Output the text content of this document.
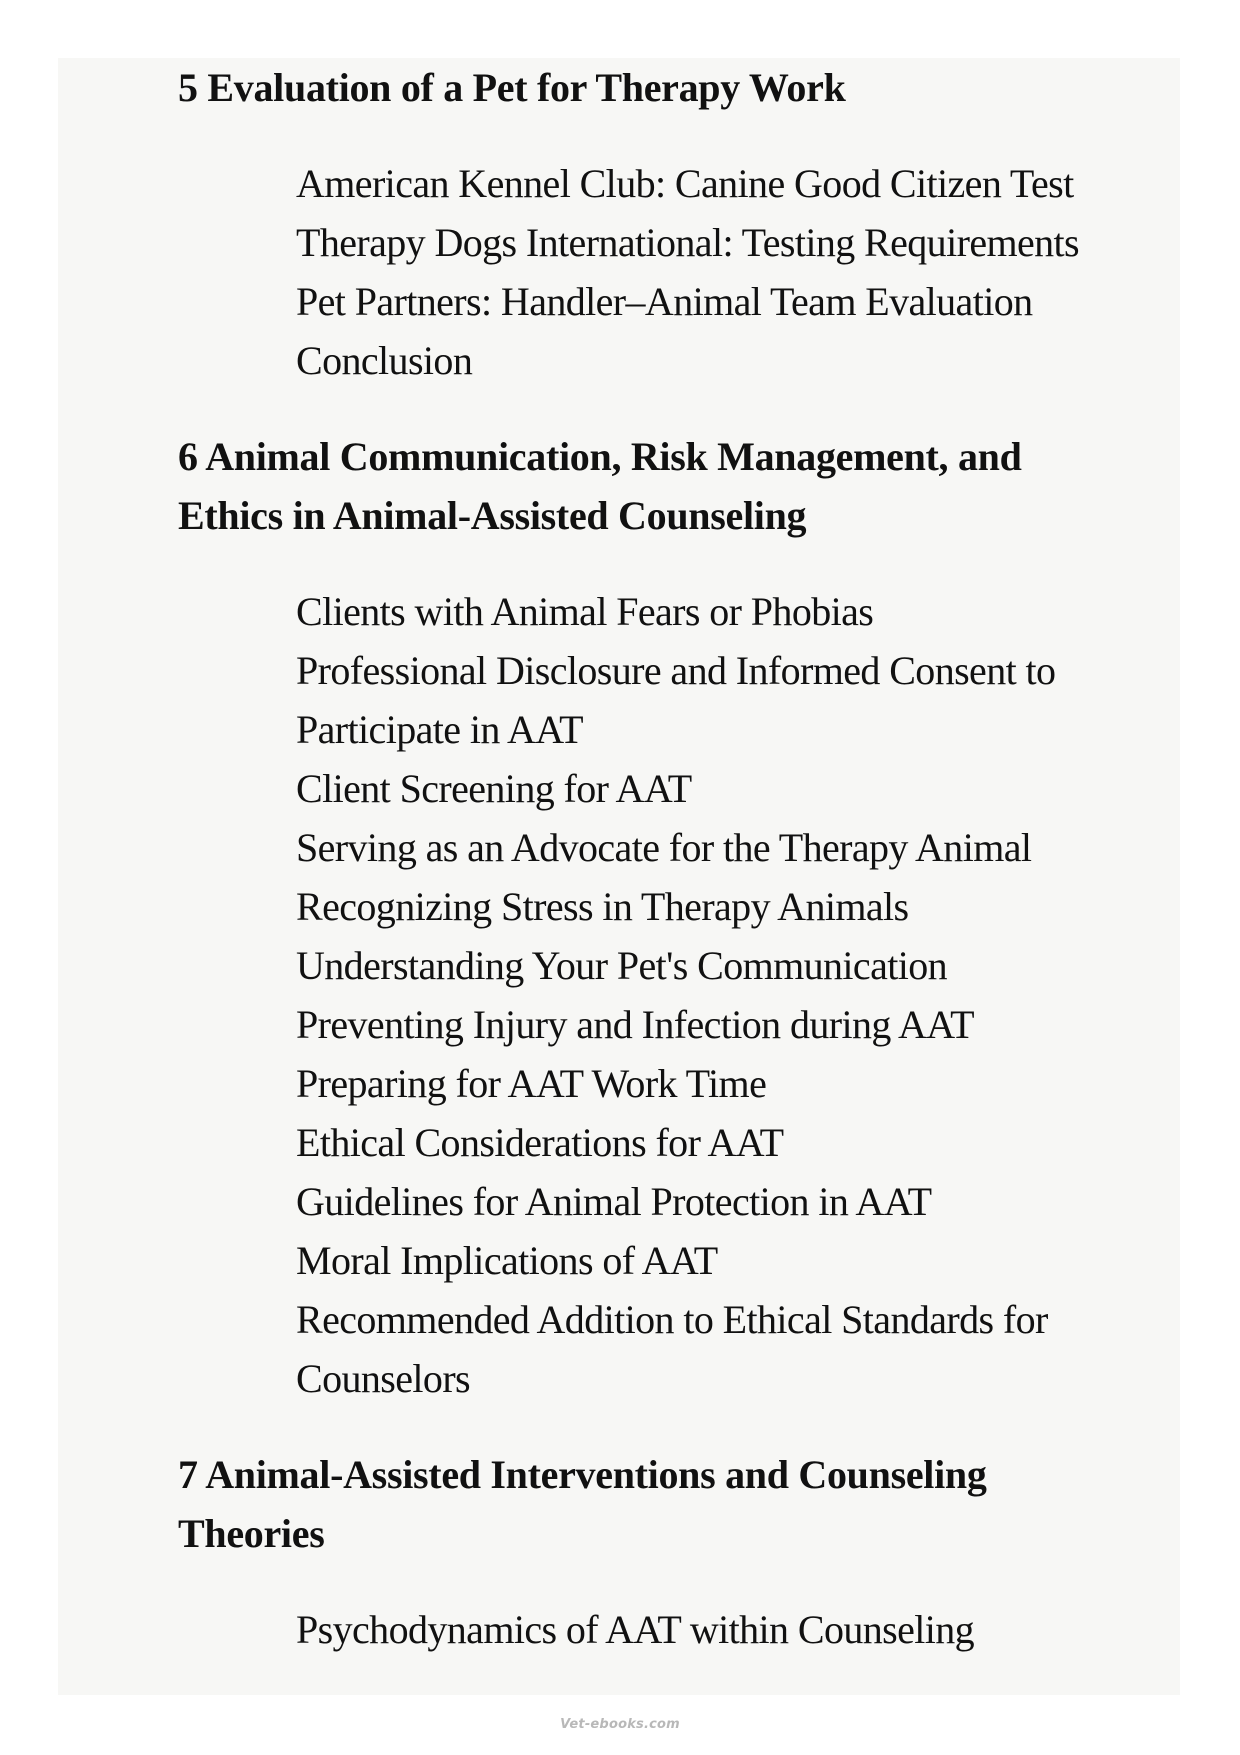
5 Evaluation of a Pet for Therapy Work
American Kennel Club: Canine Good Citizen Test
Therapy Dogs International: Testing Requirements
Pet Partners: Handler–Animal Team Evaluation
Conclusion
6 Animal Communication, Risk Management, and
Ethics in Animal-Assisted Counseling
Clients with Animal Fears or Phobias
Professional Disclosure and Informed Consent to
Participate in AAT
Client Screening for AAT
Serving as an Advocate for the Therapy Animal
Recognizing Stress in Therapy Animals
Understanding Your Pet's Communication
Preventing Injury and Infection during AAT
Preparing for AAT Work Time
Ethical Considerations for AAT
Guidelines for Animal Protection in AAT
Moral Implications of AAT
Recommended Addition to Ethical Standards for
Counselors
7 Animal-Assisted Interventions and Counseling
Theories
Psychodynamics of AAT within Counseling
Vet-ebooks.com
